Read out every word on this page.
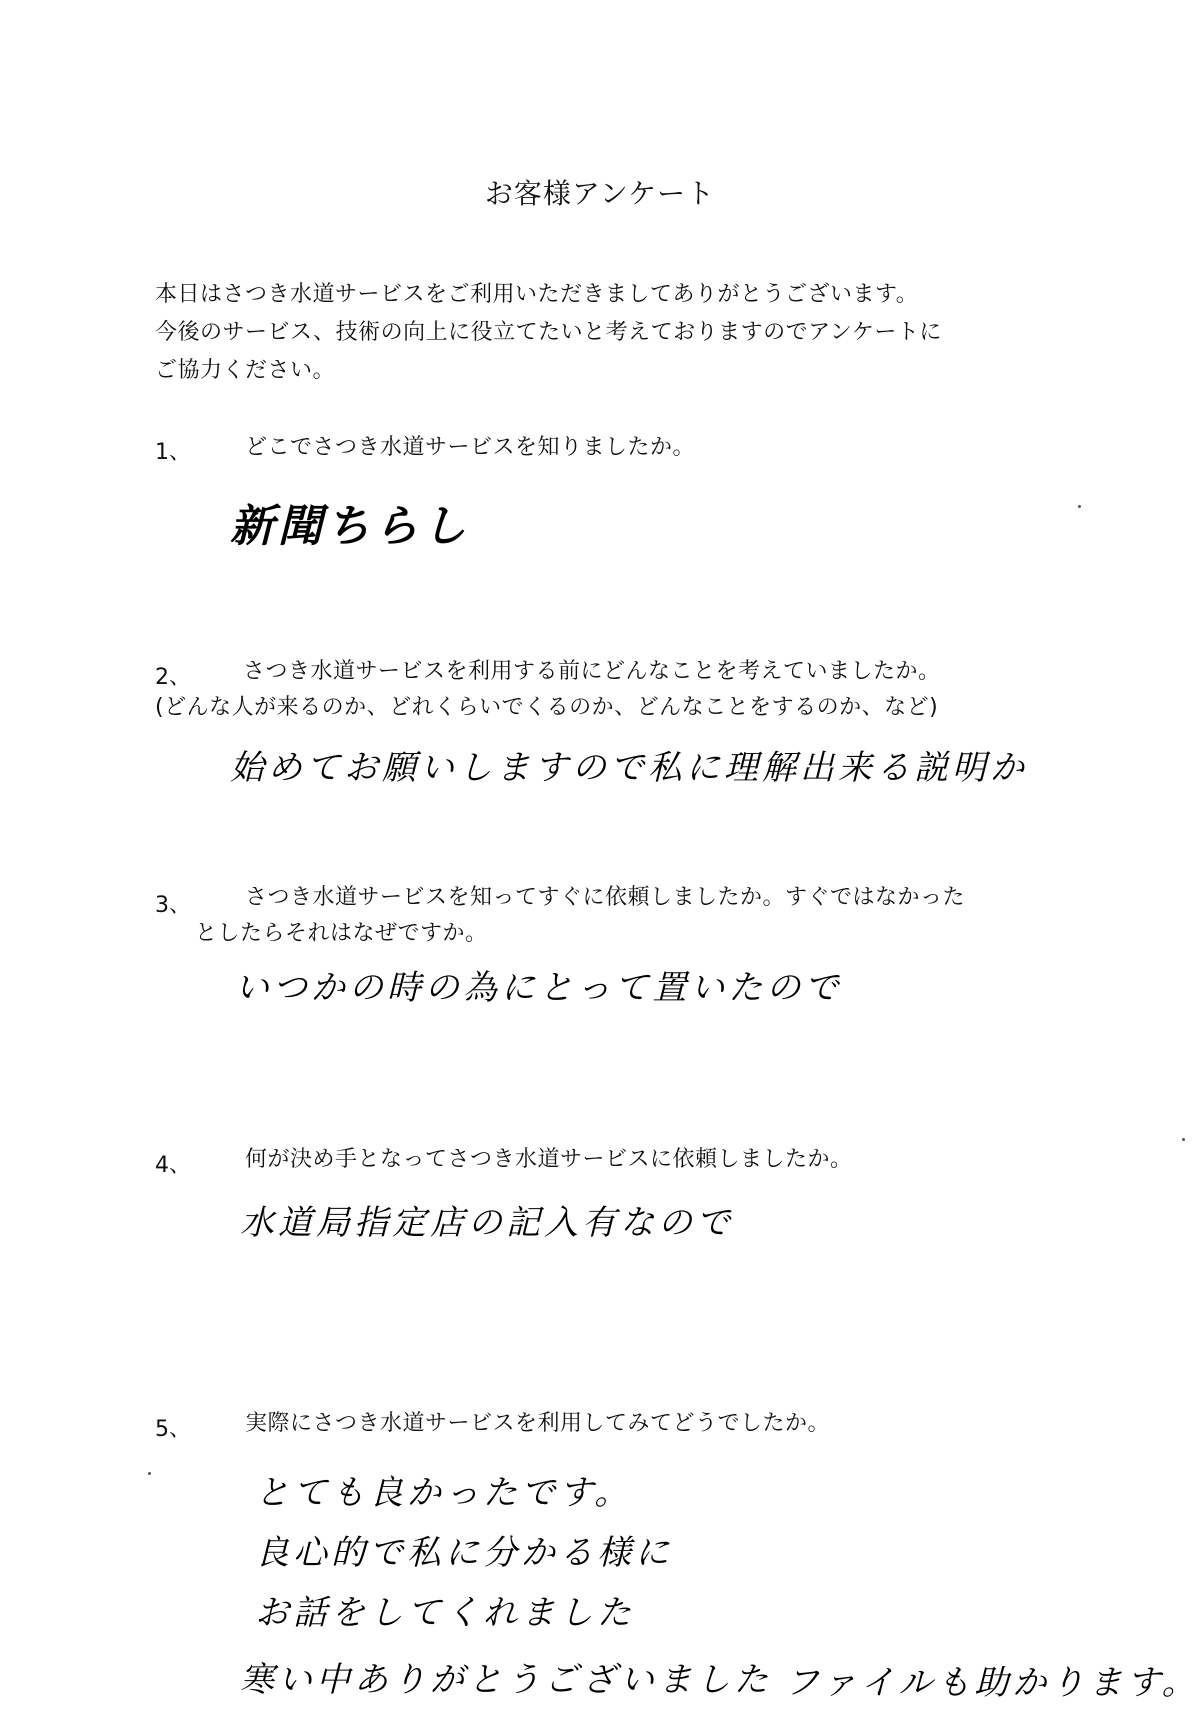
お客様アンケート
本日はさつき水道サービスをご利用いただきましてありがとうございます。
今後のサービス、技術の向上に役立てたいと考えておりますのでアンケートに
ご協力ください。
1、 どこでさつき水道サービスを知りましたか。
新聞ちらし
2、	さつき水道サービスを利用する前にどんなことを考えていましたか。
(どんな人が来るのか、どれくらいでくるのか、どんなことをするのか、など)
始めてお願いしますので私に理解出来る説明か
3、	さつき水道サービスを知ってすぐに依頼しましたか。すぐではなかった
としたらそれはなぜですか。
いつかの時の為にとって置いたので
4、 何が決め手となってさつき水道サービスに依頼しましたか。
水道局指定店の記入有なので
5、 実際にさつき水道サービスを利用してみてどうでしたか。
とても良かったです。
良心的で私に分かる様に
お話をしてくれました
寒い中ありがとうございました ファイルも助かります。
